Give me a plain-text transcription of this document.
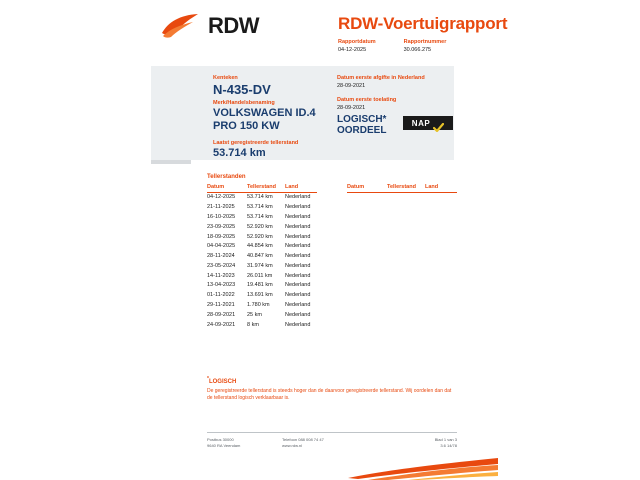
RDW	RDW-Voertuigrapport
Rapportdatum
04-12-2025
Rapportnummer
30.066.275
Kenteken
N-435-DV
Merk/Handelsbenaming
VOLKSWAGEN ID.4
PRO 150 KW
Laatst geregistreerde tellerstand
53.714 km
Datum eerste afgifte in Nederland
28-09-2021
Datum eerste toelating
28-09-2021
LOGISCH*
OORDEEL
NAP
Tellerstanden
Datum	Tellerstand	Land
04-12-2025	53.714 km	Nederland
21-11-2025	53.714 km	Nederland
16-10-2025	53.714 km	Nederland
23-09-2025	52.920 km	Nederland
18-09-2025	52.920 km	Nederland
04-04-2025	44.854 km	Nederland
28-11-2024	40.847 km	Nederland
23-05-2024	31.974 km	Nederland
14-11-2023	26.011 km	Nederland
13-04-2023	19.481 km	Nederland
01-11-2022	13.691 km	Nederland
29-11-2021	1.780 km	Nederland
28-09-2021	25 km	Nederland
24-09-2021	8 km	Nederland
Datum	Tellerstand	Land
*LOGISCH
De geregistreerde tellerstand is steeds hoger dan de daarvoor geregistreerde tellerstand. Wij oordelen dan dat de tellerstand logisch verklaarbaar is.
Postbus 30000	Telefoon 088 008 74 47	Blad 1 van 3
9640 RA Veendam	www.rdw.nl	3.6 14/78
